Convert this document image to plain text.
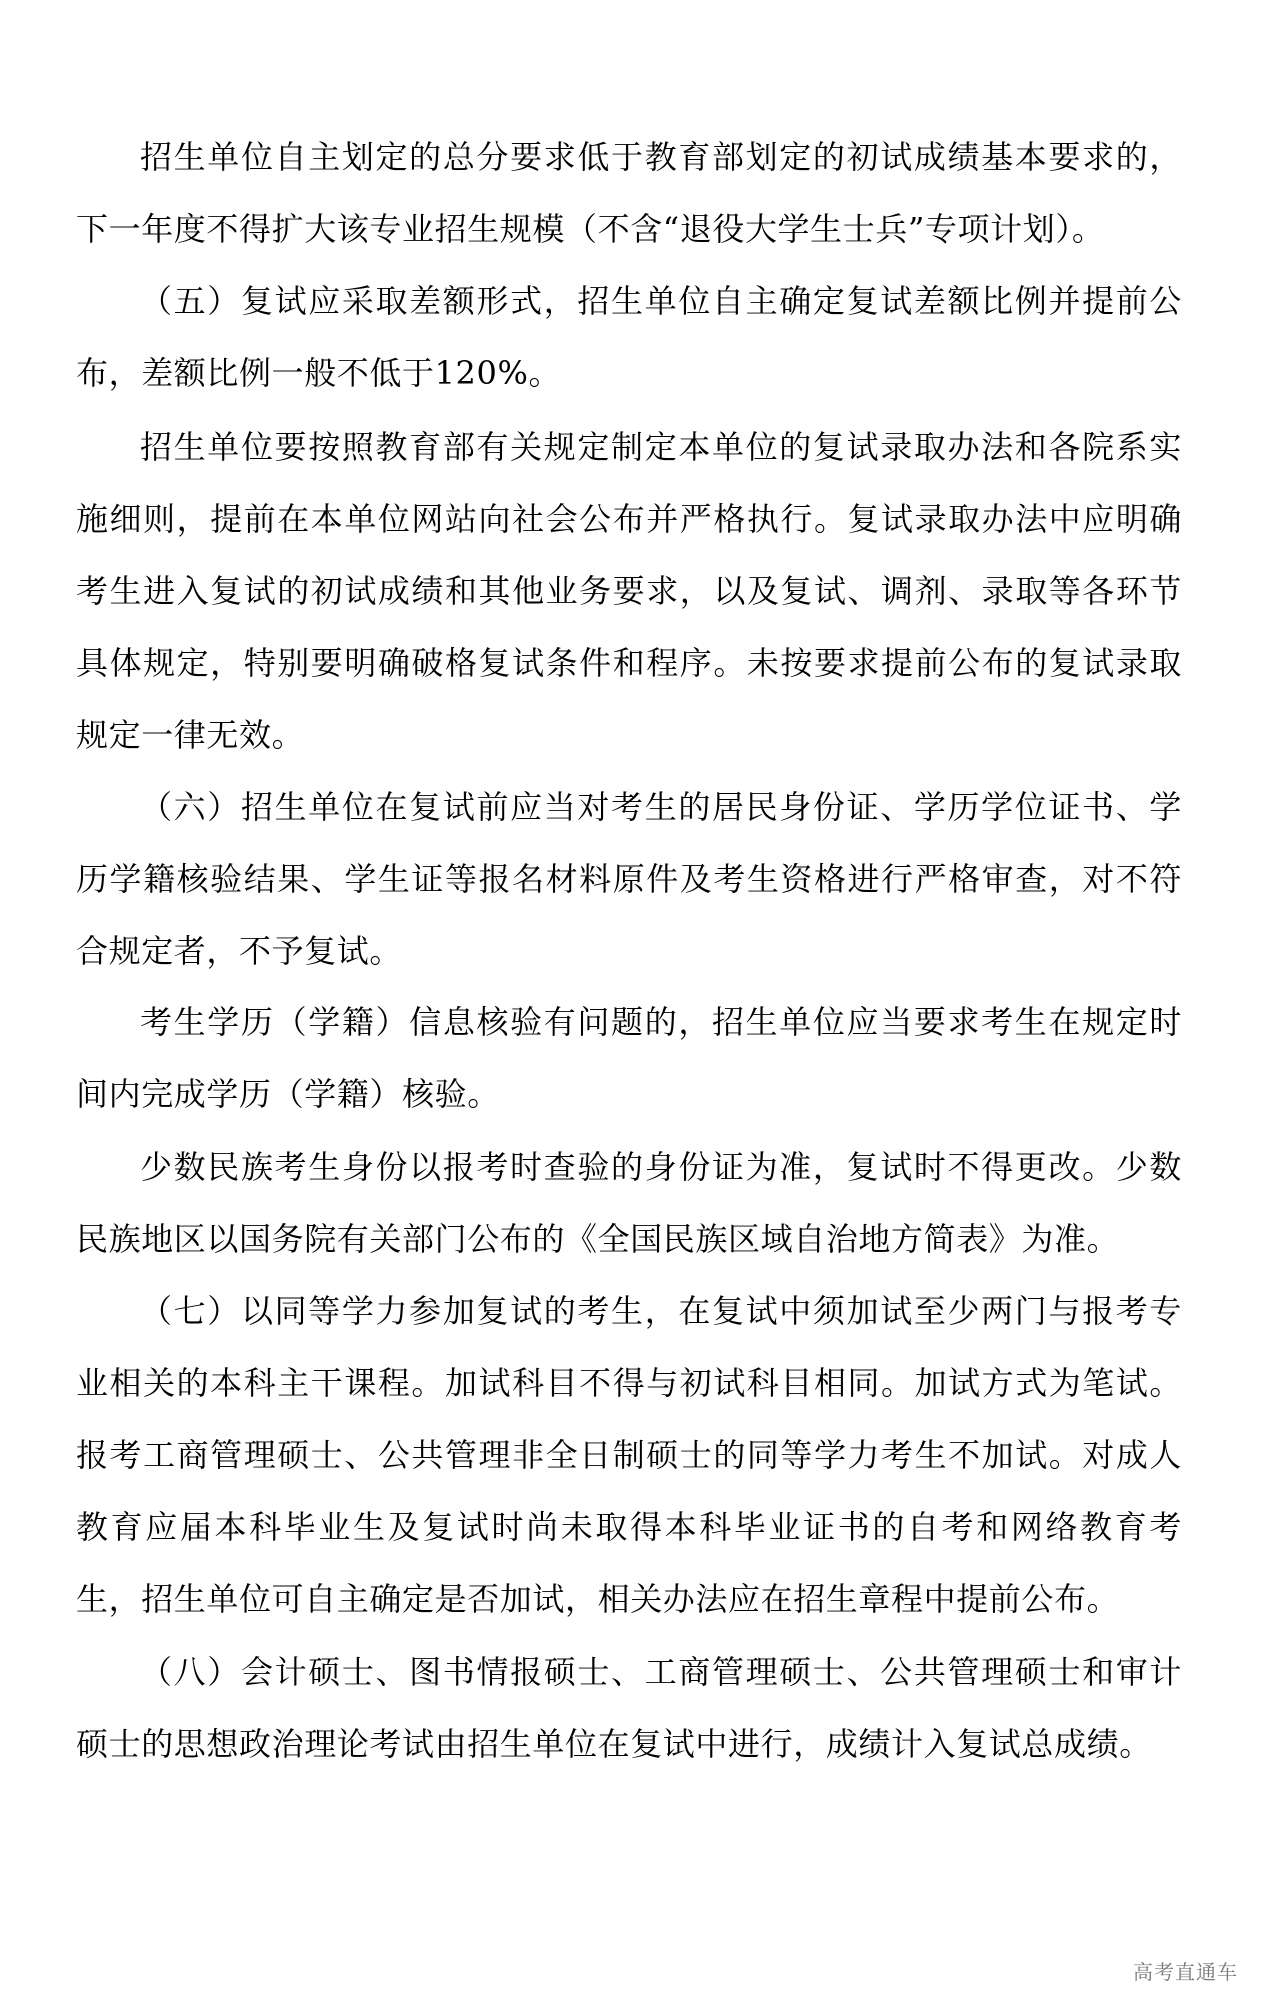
招生单位自主划定的总分要求低于教育部划定的初试成绩基本要求的，下一年度不得扩大该专业招生规模（不含“退役大学生士兵”专项计划）。

（五）复试应采取差额形式，招生单位自主确定复试差额比例并提前公布，差额比例一般不低于120%。

招生单位要按照教育部有关规定制定本单位的复试录取办法和各院系实施细则，提前在本单位网站向社会公布并严格执行。复试录取办法中应明确考生进入复试的初试成绩和其他业务要求，以及复试、调剂、录取等各环节具体规定，特别要明确破格复试条件和程序。未按要求提前公布的复试录取规定一律无效。

（六）招生单位在复试前应当对考生的居民身份证、学历学位证书、学历学籍核验结果、学生证等报名材料原件及考生资格进行严格审查，对不符合规定者，不予复试。

考生学历（学籍）信息核验有问题的，招生单位应当要求考生在规定时间内完成学历（学籍）核验。

少数民族考生身份以报考时查验的身份证为准，复试时不得更改。少数民族地区以国务院有关部门公布的《全国民族区域自治地方简表》为准。

（七）以同等学力参加复试的考生，在复试中须加试至少两门与报考专业相关的本科主干课程。加试科目不得与初试科目相同。加试方式为笔试。报考工商管理硕士、公共管理非全日制硕士的同等学力考生不加试。对成人教育应届本科毕业生及复试时尚未取得本科毕业证书的自考和网络教育考生，招生单位可自主确定是否加试，相关办法应在招生章程中提前公布。

（八）会计硕士、图书情报硕士、工商管理硕士、公共管理硕士和审计硕士的思想政治理论考试由招生单位在复试中进行，成绩计入复试总成绩。

高考直通车
